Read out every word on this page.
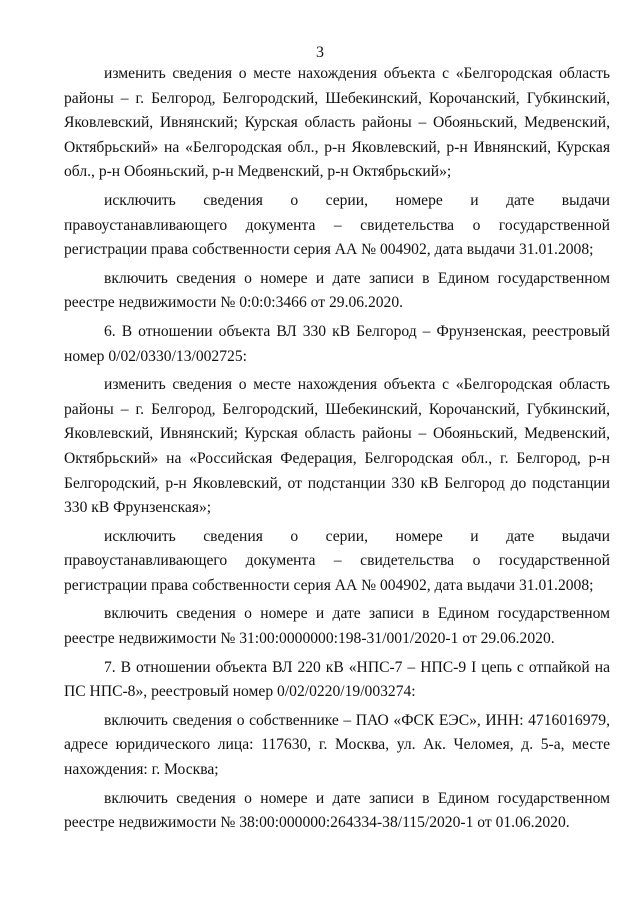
3

изменить сведения о месте нахождения объекта с «Белгородская область районы – г. Белгород, Белгородский, Шебекинский, Корочанский, Губкинский, Яковлевский, Ивнянский; Курская область районы – Обояньский, Медвенский, Октябрьский» на «Белгородская обл., р-н Яковлевский, р-н Ивнянский, Курская обл., р-н Обояньский, р-н Медвенский, р-н Октябрьский»;

исключить сведения о серии, номере и дате выдачи правоустанавливающего документа – свидетельства о государственной регистрации права собственности серия АА № 004902, дата выдачи 31.01.2008;

включить сведения о номере и дате записи в Едином государственном реестре недвижимости № 0:0:0:3466 от 29.06.2020.

6. В отношении объекта ВЛ 330 кВ Белгород – Фрунзенская, реестровый номер 0/02/0330/13/002725:

изменить сведения о месте нахождения объекта с «Белгородская область районы – г. Белгород, Белгородский, Шебекинский, Корочанский, Губкинский, Яковлевский, Ивнянский; Курская область районы – Обояньский, Медвенский, Октябрьский» на «Российская Федерация, Белгородская обл., г. Белгород, р-н Белгородский, р-н Яковлевский, от подстанции 330 кВ Белгород до подстанции 330 кВ Фрунзенская»;

исключить сведения о серии, номере и дате выдачи правоустанавливающего документа – свидетельства о государственной регистрации права собственности серия АА № 004902, дата выдачи 31.01.2008;

включить сведения о номере и дате записи в Едином государственном реестре недвижимости № 31:00:0000000:198-31/001/2020-1 от 29.06.2020.

7. В отношении объекта ВЛ 220 кВ «НПС-7 – НПС-9 I цепь с отпайкой на ПС НПС-8», реестровый номер 0/02/0220/19/003274:

включить сведения о собственнике – ПАО «ФСК ЕЭС», ИНН: 4716016979, адресе юридического лица: 117630, г. Москва, ул. Ак. Челомея, д. 5-а, месте нахождения: г. Москва;

включить сведения о номере и дате записи в Едином государственном реестре недвижимости № 38:00:000000:264334-38/115/2020-1 от 01.06.2020.
